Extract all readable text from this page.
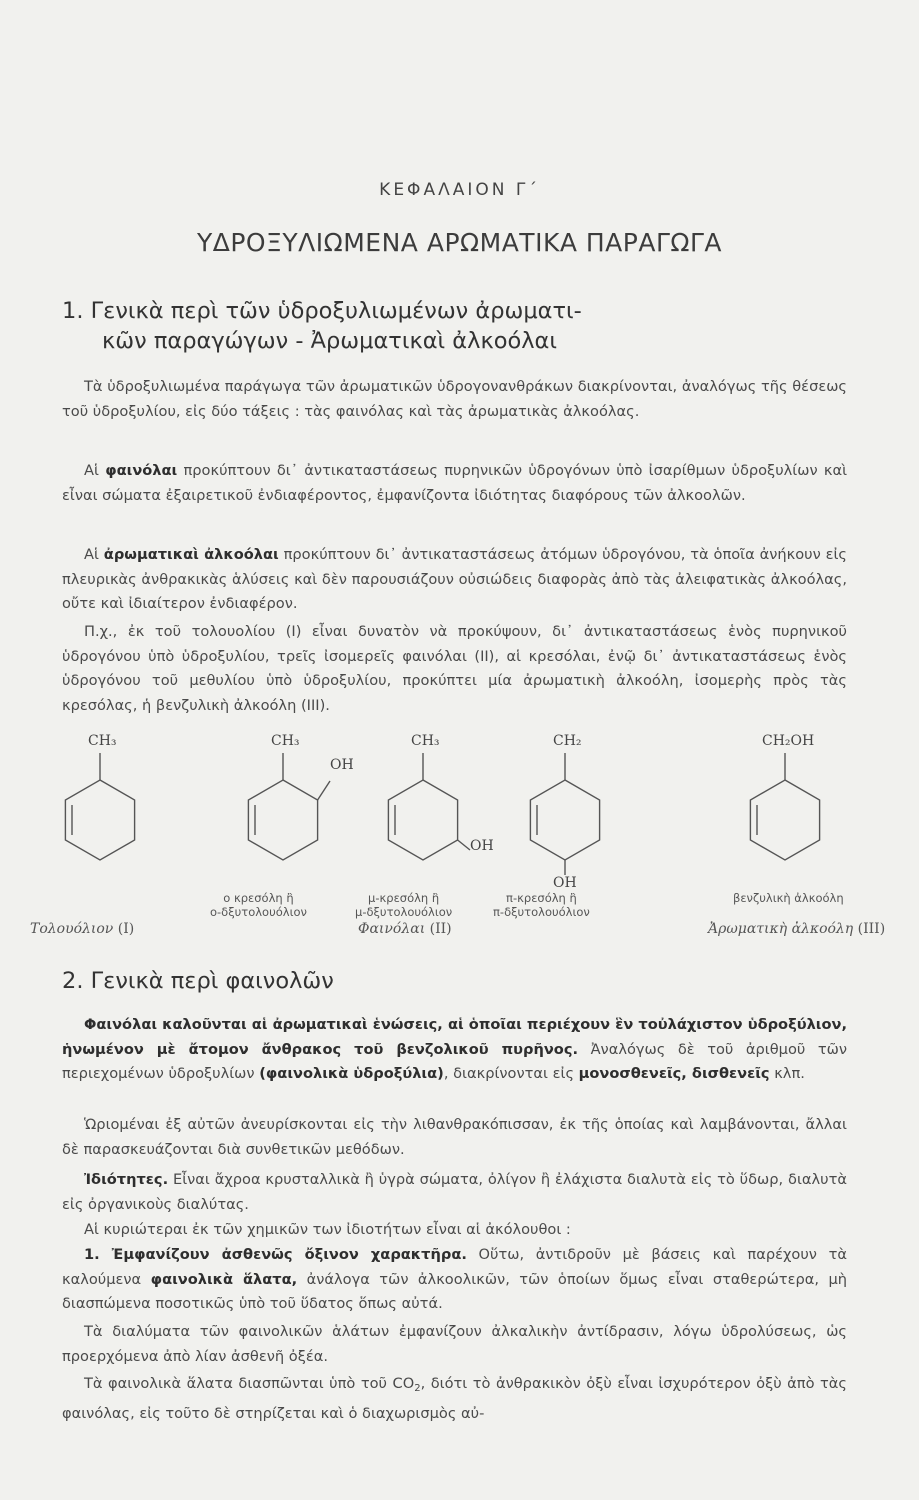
ΚΕΦΑΛΑΙΟΝ Γ΄
ΥΔΡΟΞΥΛΙΩΜΕΝΑ ΑΡΩΜΑΤΙΚΑ ΠΑΡΑΓΩΓΑ
1. Γενικὰ περὶ τῶν ὑδροξυλιωμένων ἀρωματι-
κῶν παραγώγων - Ἀρωματικαὶ ἀλκοόλαι

Τὰ ὑδροξυλιωμένα παράγωγα τῶν ἀρωματικῶν ὑδρογονανθράκων διακρίνονται, ἀναλόγως τῆς θέσεως τοῦ ὑδροξυλίου, εἰς δύο τάξεις : τὰς φαινόλας καὶ τὰς ἀρωματικὰς ἀλκοόλας.

Αἱ φαινόλαι προκύπτουν δι᾽ ἀντικαταστάσεως πυρηνικῶν ὑδρογόνων ὑπὸ ἰσαρίθμων ὑδροξυλίων καὶ εἶναι σώματα ἐξαιρετικοῦ ἐνδιαφέροντος, ἐμφανίζοντα ἰδιότητας διαφόρους τῶν ἀλκοολῶν.

Αἱ ἀρωματικαὶ ἀλκοόλαι προκύπτουν δι᾽ ἀντικαταστάσεως ἀτόμων ὑδρογόνου, τὰ ὁποῖα ἀνήκουν εἰς πλευρικὰς ἀνθρακικὰς ἁλύσεις καὶ δὲν παρουσιάζουν οὐσιώδεις διαφορὰς ἀπὸ τὰς ἀλειφατικὰς ἀλκοόλας, οὔτε καὶ ἰδιαίτερον ἐνδιαφέρον.

Π.χ., ἐκ τοῦ τολουολίου (Ι) εἶναι δυνατὸν νὰ προκύψουν, δι᾽ ἀντικαταστάσεως ἑνὸς πυρηνικοῦ ὑδρογόνου ὑπὸ ὑδροξυλίου, τρεῖς ἰσομερεῖς φαινόλαι (ΙΙ), αἱ κρεσόλαι, ἐνῷ δι᾽ ἀντικαταστάσεως ἑνὸς ὑδρογόνου τοῦ μεθυλίου ὑπὸ ὑδροξυλίου, προκύπτει μία ἀρωματικὴ ἀλκοόλη, ἰσομερὴς πρὸς τὰς κρεσόλας, ἡ βενζυλικὴ ἀλκοόλη (ΙΙΙ).

CH₃	CH₃
OH
CH₃
OH
CH₂
OH
CH₂OH
ο κρεσόλη ἢ
ο-δξυτολουόλιον
μ-κρεσόλη ἢ
μ-δξυτολουόλιον
π-κρεσόλη ἢ
π-δξυτολουόλιον
βενζυλικὴ ἀλκοόλη
Τολουόλιον (Ι)	Φαινόλαι (ΙΙ)	Ἀρωματικὴ ἀλκοόλη (ΙΙΙ)
2. Γενικὰ περὶ φαινολῶν

Φαινόλαι καλοῦνται αἱ ἀρωματικαὶ ἑνώσεις, αἱ ὁποῖαι περιέχουν ἓν τοὐλάχιστον ὑδροξύλιον, ἡνωμένον μὲ ἄτομον ἄνθρακος τοῦ βενζολικοῦ πυρῆνος. Ἀναλόγως δὲ τοῦ ἀριθμοῦ τῶν περιεχομένων ὑδροξυλίων (φαινολικὰ ὑδροξύλια), διακρίνονται εἰς μονοσθενεῖς, δισθενεῖς κλπ.

Ὡριομέναι ἐξ αὐτῶν ἀνευρίσκονται εἰς τὴν λιθανθρακόπισσαν, ἐκ τῆς ὁποίας καὶ λαμβάνονται, ἄλλαι δὲ παρασκευάζονται διὰ συνθετικῶν μεθόδων.

Ἰδιότητες. Εἶναι ἄχροα κρυσταλλικὰ ἢ ὑγρὰ σώματα, ὀλίγον ἢ ἐλάχιστα διαλυτὰ εἰς τὸ ὕδωρ, διαλυτὰ εἰς ὀργανικοὺς διαλύτας.

Αἱ κυριώτεραι ἐκ τῶν χημικῶν των ἰδιοτήτων εἶναι αἱ ἀκόλουθοι :

1. Ἐμφανίζουν ἀσθενῶς ὄξινον χαρακτῆρα. Οὕτω, ἀντιδροῦν μὲ βάσεις καὶ παρέχουν τὰ καλούμενα φαινολικὰ ἅλατα, ἀνάλογα τῶν ἀλκοολικῶν, τῶν ὁποίων ὅμως εἶναι σταθερώτερα, μὴ διασπώμενα ποσοτικῶς ὑπὸ τοῦ ὕδατος ὅπως αὐτά.

Τὰ διαλύματα τῶν φαινολικῶν ἁλάτων ἐμφανίζουν ἀλκαλικὴν ἀντίδρασιν, λόγω ὑδρολύσεως, ὡς προερχόμενα ἀπὸ λίαν ἀσθενῆ ὀξέα.

Τὰ φαινολικὰ ἅλατα διασπῶνται ὑπὸ τοῦ $CO_2$, διότι τὸ ἀνθρακικὸν ὀξὺ εἶναι ἰσχυρότερον ὀξὺ ἀπὸ τὰς φαινόλας, εἰς τοῦτο δὲ στηρίζεται καὶ ὁ διαχωρισμὸς αὐ-
